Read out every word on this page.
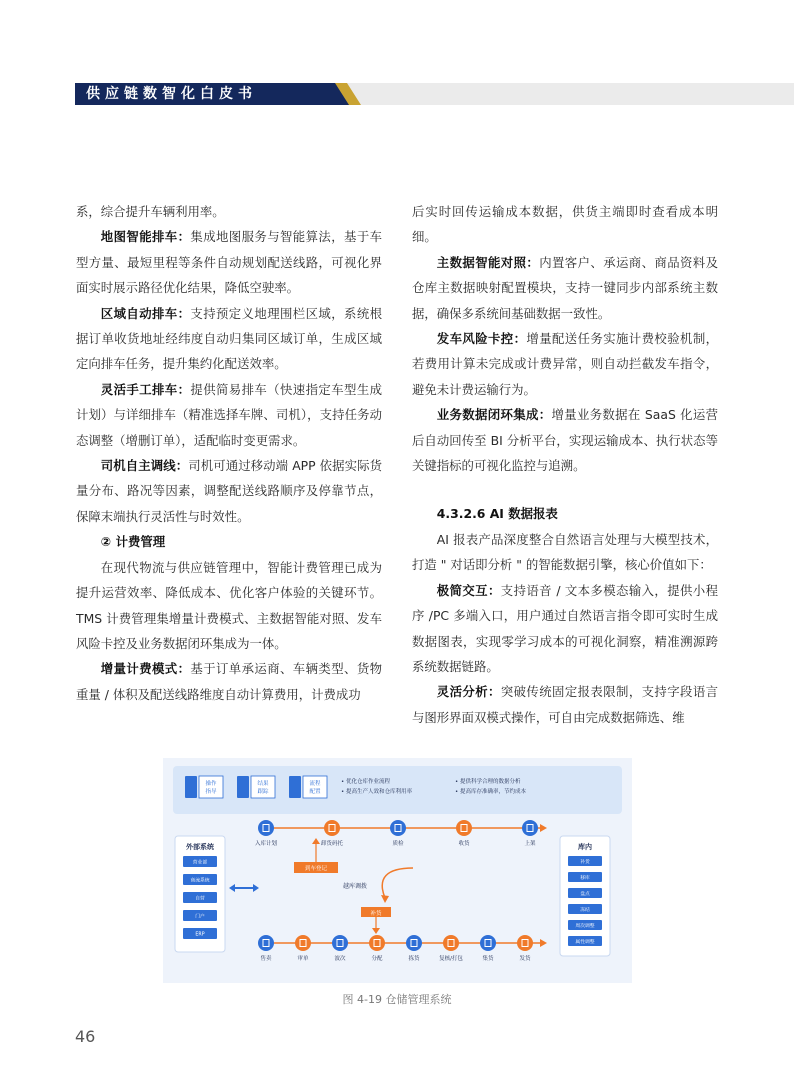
供应链数智化白皮书

系，综合提升车辆利用率。

地图智能排车：集成地图服务与智能算法，基于车型方量、最短里程等条件自动规划配送线路，可视化界面实时展示路径优化结果，降低空驶率。

区域自动排车：支持预定义地理围栏区域，系统根据订单收货地址经纬度自动归集同区域订单，生成区域定向排车任务，提升集约化配送效率。

灵活手工排车：提供简易排车（快速指定车型生成计划）与详细排车（精准选择车牌、司机），支持任务动态调整（增删订单），适配临时变更需求。

司机自主调线：司机可通过移动端 APP 依据实际货量分布、路况等因素，调整配送线路顺序及停靠节点，保障末端执行灵活性与时效性。

② 计费管理

在现代物流与供应链管理中，智能计费管理已成为提升运营效率、降低成本、优化客户体验的关键环节。TMS 计费管理集增量计费模式、主数据智能对照、发车风险卡控及业务数据闭环集成为一体。

增量计费模式：基于订单承运商、车辆类型、货物重量 / 体积及配送线路维度自动计算费用，计费成功

后实时回传运输成本数据，供货主端即时查看成本明细。

主数据智能对照：内置客户、承运商、商品资料及仓库主数据映射配置模块，支持一键同步内部系统主数据，确保多系统间基础数据一致性。

发车风险卡控：增量配送任务实施计费校验机制，若费用计算未完成或计费异常，则自动拦截发车指令，避免未计费运输行为。

业务数据闭环集成：增量业务数据在 SaaS 化运营后自动回传至 BI 分析平台，实现运输成本、执行状态等关键指标的可视化监控与追溯。

4.3.2.6 AI 数据报表

AI 报表产品深度整合自然语言处理与大模型技术，打造 " 对话即分析 " 的智能数据引擎，核心价值如下：

极简交互：支持语音 / 文本多模态输入，提供小程序 /PC 多端入口，用户通过自然语言指令即可实时生成数据图表，实现零学习成本的可视化洞察，精准溯源跨系统数据链路。

灵活分析：突破传统固定报表限制，支持字段语言与图形界面双模式操作，可自由完成数据筛选、维

操作
指导
结果
跟踪
流程
配置
• 优化仓库作业流程
• 提高生产人效和仓库利用率
• 提供科学合理的数据分析
• 提高库存准确率，节约成本
外部系统
营业部
商流系统
自营
门户
ERP
库内
补货
移库
盘点
冻结
周次调整
属性调整
入库计划	卸货码托	质检	收货	上架
到车登记
越库调拨
补货
售卖	审单	波次	分配	拣货	复核/打包	集货	发货
图 4-19 仓储管理系统
46
